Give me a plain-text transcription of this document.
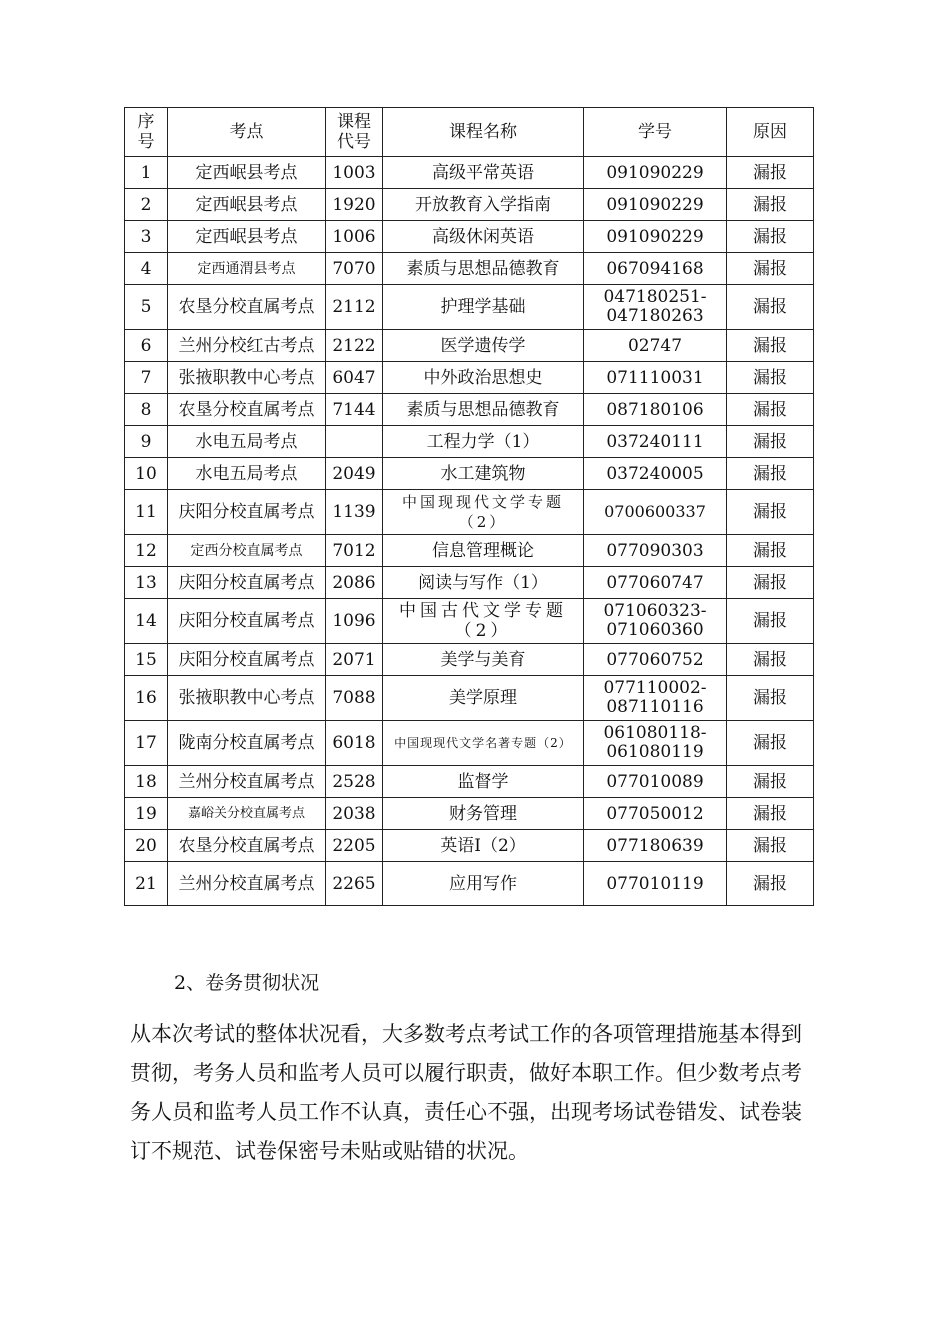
序号	考点	课程代号	课程名称	学号	原因
1	定西岷县考点	1003	高级平常英语	091090229	漏报
2	定西岷县考点	1920	开放教育入学指南	091090229	漏报
3	定西岷县考点	1006	高级休闲英语	091090229	漏报
4	定西通渭县考点	7070	素质与思想品德教育	067094168	漏报
5	农垦分校直属考点	2112	护理学基础	047180251-047180263	漏报
6	兰州分校红古考点	2122	医学遗传学	02747	漏报
7	张掖职教中心考点	6047	中外政治思想史	071110031	漏报
8	农垦分校直属考点	7144	素质与思想品德教育	087180106	漏报
9	水电五局考点		工程力学（1）	037240111	漏报
10	水电五局考点	2049	水工建筑物	037240005	漏报
11	庆阳分校直属考点	1139	中国现现代文学专题（2）	0700600337	漏报
12	定西分校直属考点	7012	信息管理概论	077090303	漏报
13	庆阳分校直属考点	2086	阅读与写作（1）	077060747	漏报
14	庆阳分校直属考点	1096	中国古代文学专题（2）	071060323-071060360	漏报
15	庆阳分校直属考点	2071	美学与美育	077060752	漏报
16	张掖职教中心考点	7088	美学原理	077110002-087110116	漏报
17	陇南分校直属考点	6018	中国现现代文学名著专题（2）	061080118-061080119	漏报
18	兰州分校直属考点	2528	监督学	077010089	漏报
19	嘉峪关分校直属考点	2038	财务管理	077050012	漏报
20	农垦分校直属考点	2205	英语Ⅰ（2）	077180639	漏报
21	兰州分校直属考点	2265	应用写作	077010119	漏报

2、卷务贯彻状况

从本次考试的整体状况看，大多数考点考试工作的各项管理措施基本得到贯彻，考务人员和监考人员可以履行职责，做好本职工作。但少数考点考务人员和监考人员工作不认真，责任心不强，出现考场试卷错发、试卷装订不规范、试卷保密号未贴或贴错的状况。
